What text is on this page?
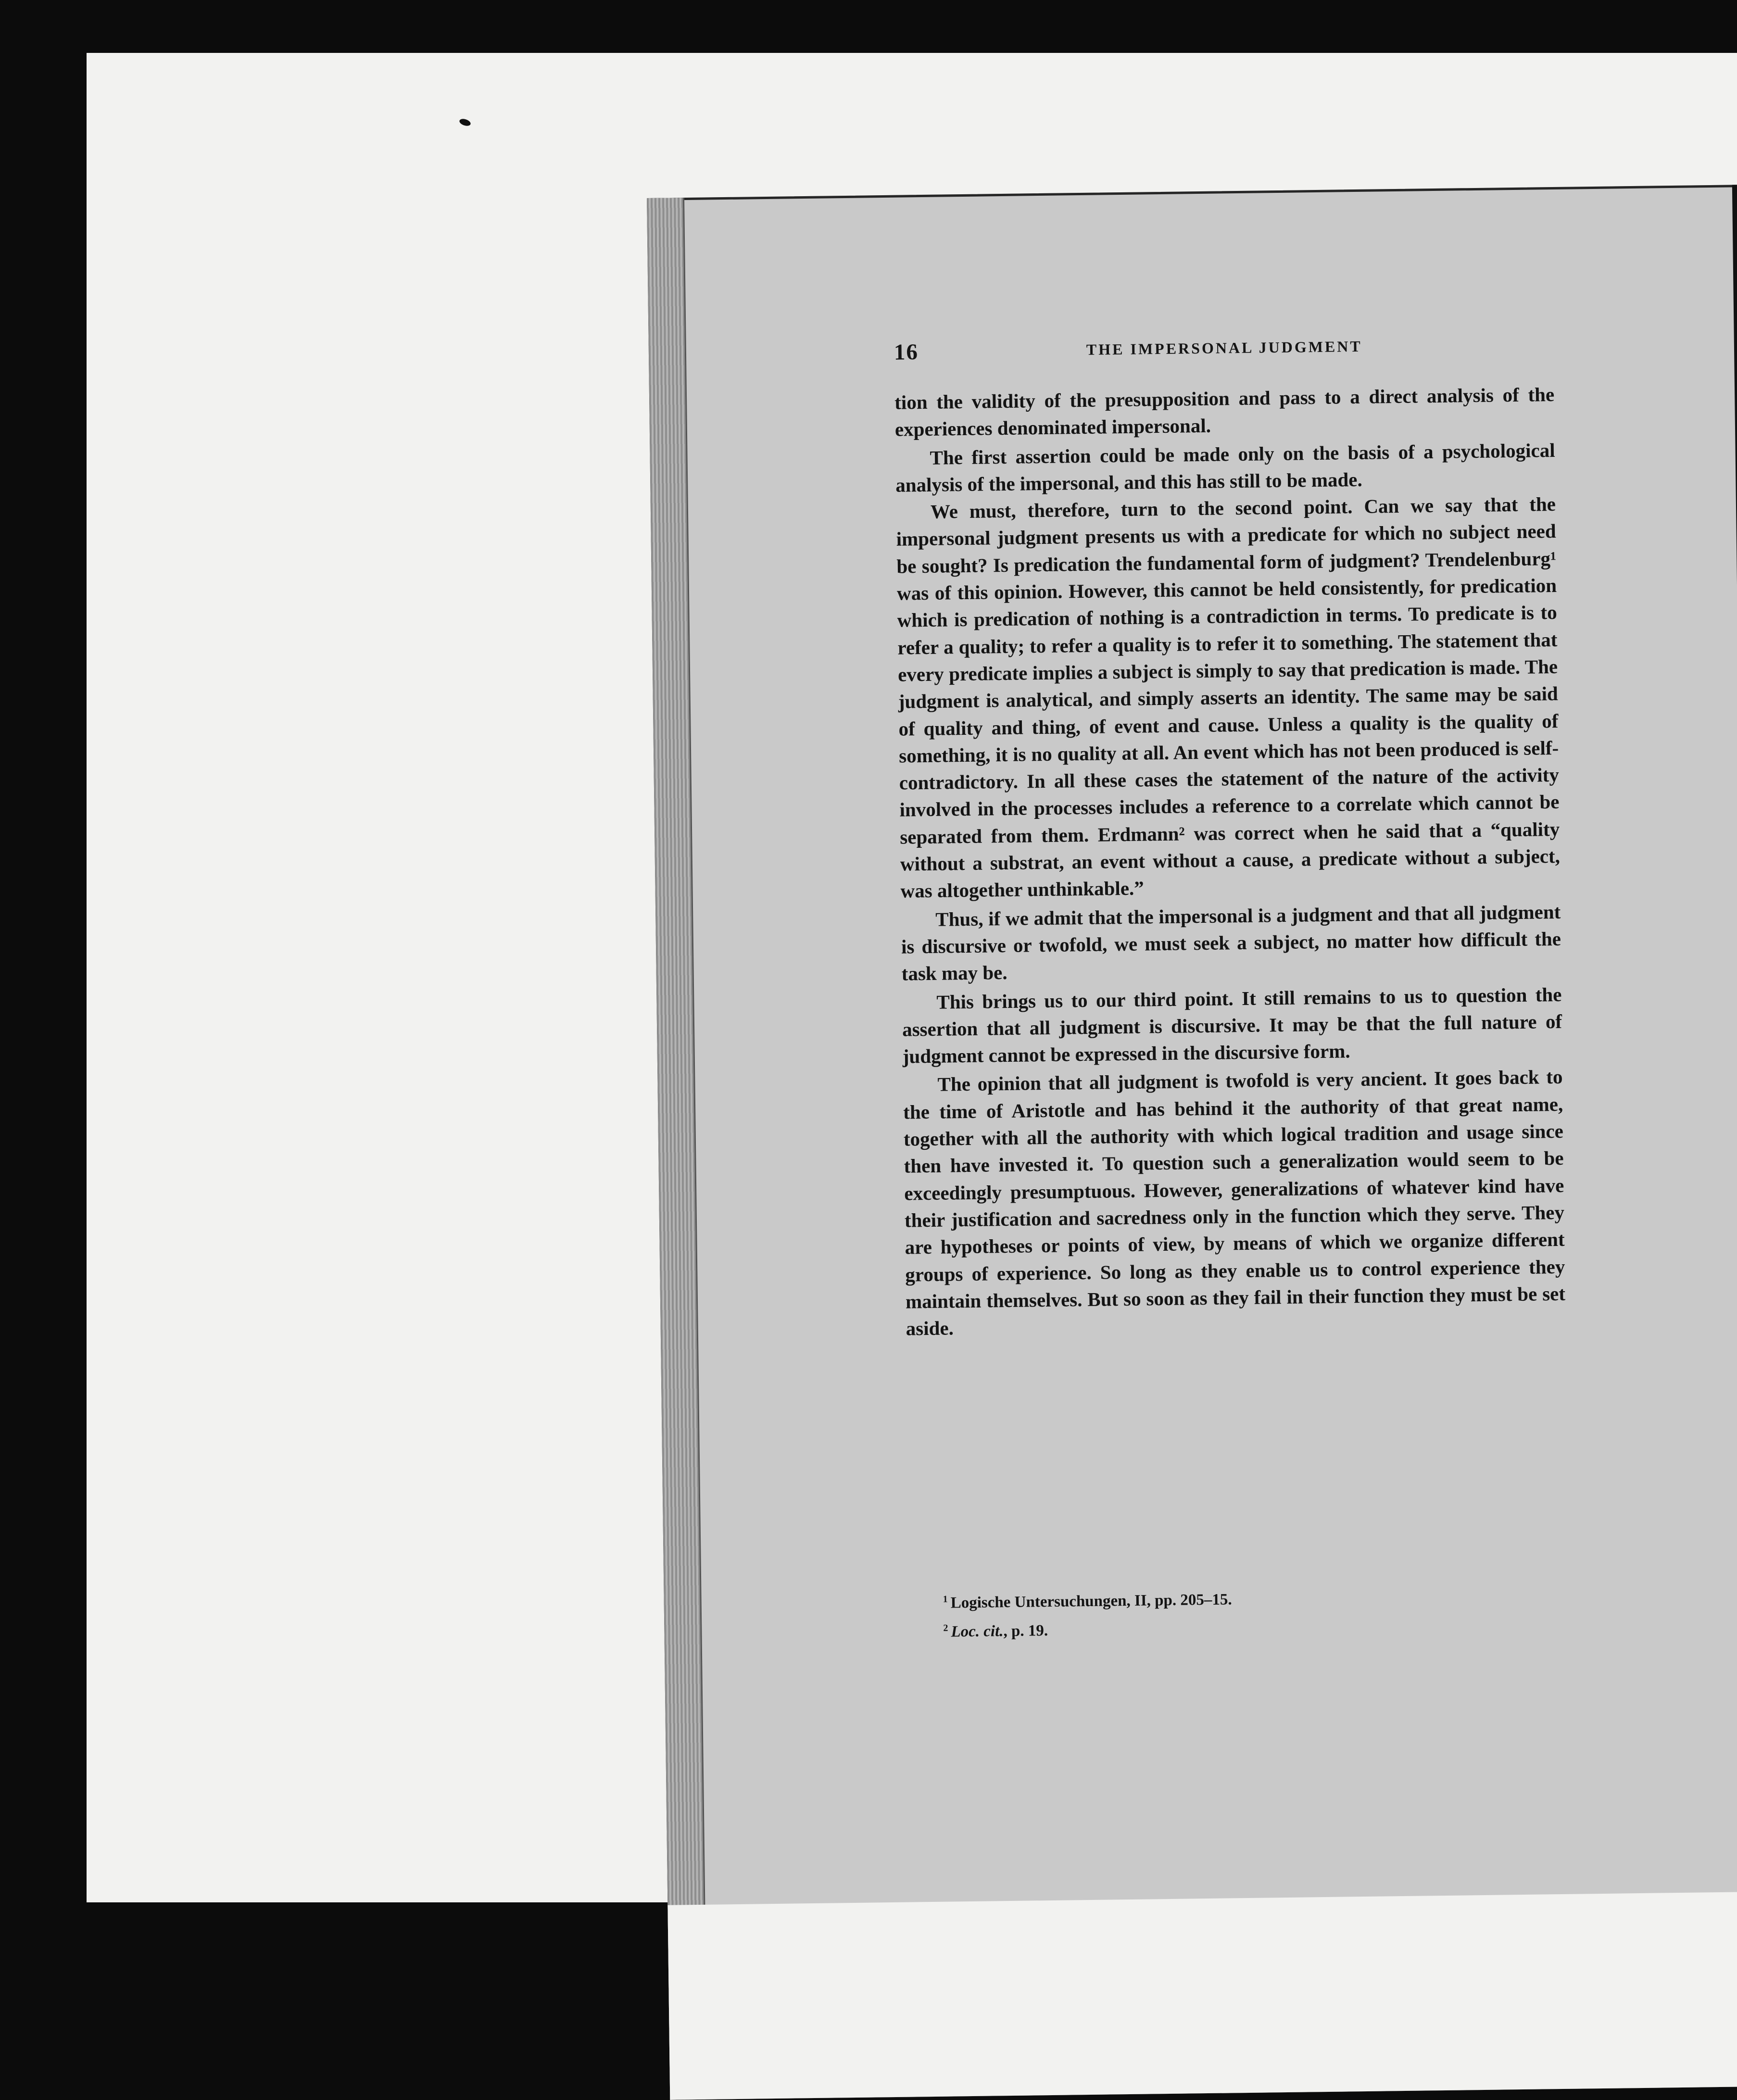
16	THE IMPERSONAL JUDGMENT

tion the validity of the presupposition and pass to a direct analysis of the experiences denominated impersonal.

The first assertion could be made only on the basis of a psychological analysis of the impersonal, and this has still to be made.

We must, therefore, turn to the second point. Can we say that the impersonal judgment presents us with a predicate for which no subject need be sought? Is predication the fundamental form of judgment? Trendelenburg¹ was of this opinion. However, this cannot be held consistently, for predication which is predication of nothing is a contradiction in terms. To predicate is to refer a quality; to refer a quality is to refer it to something. The statement that every predicate implies a subject is simply to say that predication is made. The judgment is analytical, and simply asserts an identity. The same may be said of quality and thing, of event and cause. Unless a quality is the quality of something, it is no quality at all. An event which has not been produced is self-contradictory. In all these cases the statement of the nature of the activity involved in the processes includes a reference to a correlate which cannot be separated from them. Erdmann² was correct when he said that a “quality without a substrat, an event without a cause, a predicate without a subject, was altogether unthinkable.”

Thus, if we admit that the impersonal is a judgment and that all judgment is discursive or twofold, we must seek a subject, no matter how difficult the task may be.

This brings us to our third point. It still remains to us to question the assertion that all judgment is discursive. It may be that the full nature of judgment cannot be expressed in the discursive form.

The opinion that all judgment is twofold is very ancient. It goes back to the time of Aristotle and has behind it the authority of that great name, together with all the authority with which logical tradition and usage since then have invested it. To question such a generalization would seem to be exceedingly presumptuous. However, generalizations of whatever kind have their justification and sacredness only in the function which they serve. They are hypotheses or points of view, by means of which we organize different groups of experience. So long as they enable us to control experience they maintain themselves. But so soon as they fail in their function they must be set aside.

$^1$ Logische Untersuchungen, II, pp. 205–15.
$^2$ Loc. cit., p. 19.
